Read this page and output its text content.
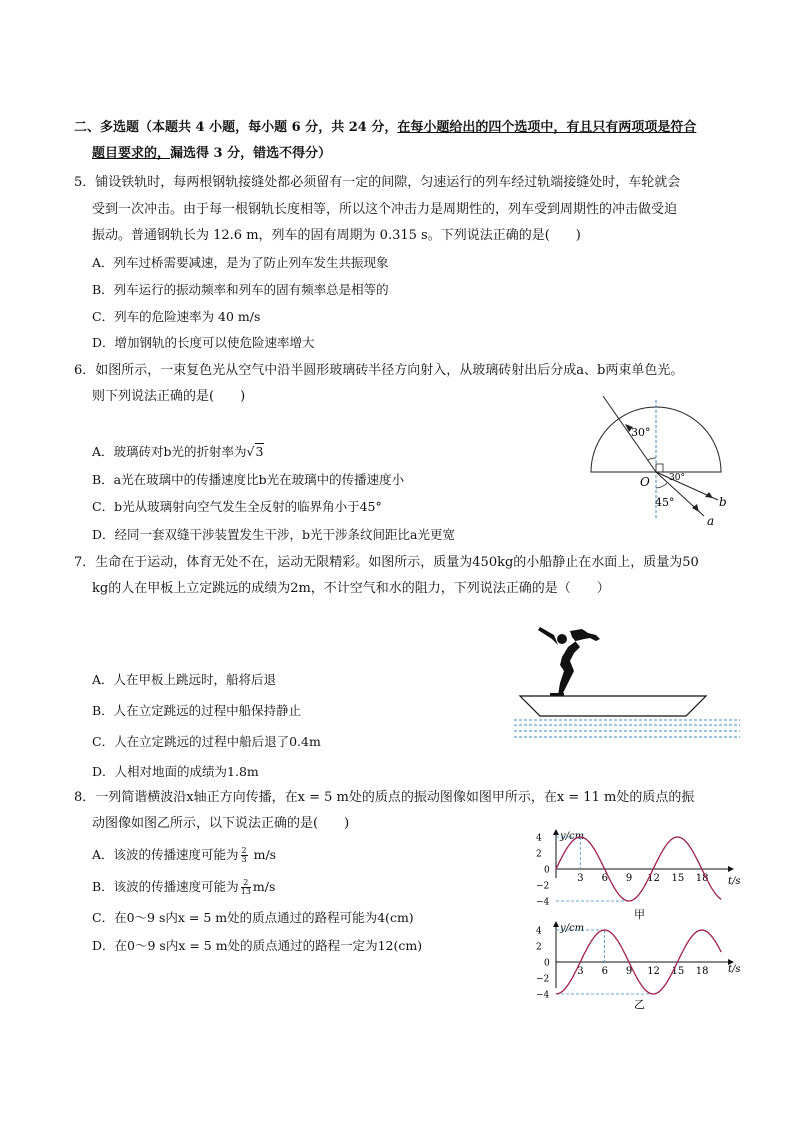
二、多选题（本题共 4 小题，每小题 6 分，共 24 分，在每小题给出的四个选项中，有且只有两项项是符合
题目要求的，漏选得 3 分，错选不得分）
5．铺设铁轨时，每两根钢轨接缝处都必须留有一定的间隙，匀速运行的列车经过轨端接缝处时，车轮就会
受到一次冲击。由于每一根钢轨长度相等，所以这个冲击力是周期性的，列车受到周期性的冲击做受迫
振动。普通钢轨长为 12.6 m，列车的固有周期为 0.315 s。下列说法正确的是(　　)
A．列车过桥需要减速，是为了防止列车发生共振现象
B．列车运行的振动频率和列车的固有频率总是相等的
C．列车的危险速率为 40 m/s
D．增加钢轨的长度可以使危险速率增大
6．如图所示，一束复色光从空气中沿半圆形玻璃砖半径方向射入，从玻璃砖射出后分成a、b两束单色光。
则下列说法正确的是(　　)
A．玻璃砖对b光的折射率为√3
B．a光在玻璃中的传播速度比b光在玻璃中的传播速度小
C．b光从玻璃射向空气发生全反射的临界角小于45°
D．经同一套双缝干涉装置发生干涉，b光干涉条纹间距比a光更宽
30°
30°
45°
O
b
a
7．生命在于运动，体育无处不在，运动无限精彩。如图所示，质量为450kg的小船静止在水面上，质量为50
kg的人在甲板上立定跳远的成绩为2m，不计空气和水的阻力，下列说法正确的是（　　）
A．人在甲板上跳远时，船将后退
B．人在立定跳远的过程中船保持静止
C．人在立定跳远的过程中船后退了0.4m
D．人相对地面的成绩为1.8m
8．一列简谐横波沿x轴正方向传播，在x = 5 m处的质点的振动图像如图甲所示，在x = 11 m处的质点的振
动图像如图乙所示，以下说法正确的是(　　)
A．该波的传播速度可能为 $\frac{2}{3} m/s$
B．该波的传播速度可能为 $\frac{2}{13} m/s$
C．在0～9 s内x = 5 m处的质点通过的路程可能为4(cm)
D．在0～9 s内x = 5 m处的质点通过的路程一定为12(cm)
y/cm
t/s
甲
4
2
−2
−4
0
3 6 9 12 15 18
y/cm
t/s
乙
4
2
−2
−4
0
3 6 9 12 15 18
